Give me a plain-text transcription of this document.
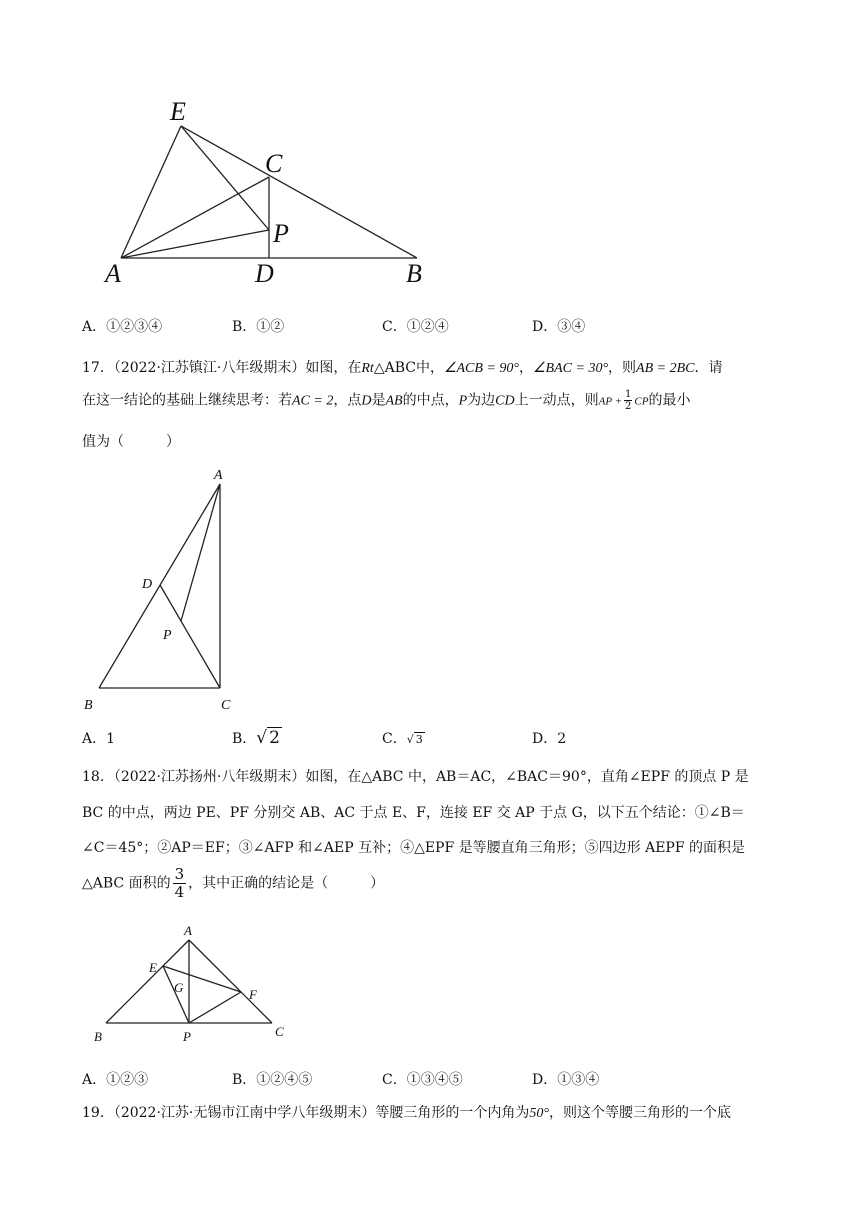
E
C
P
A	D	B
A．①②③④	B．①②	C．①②④	D．③④
17．（2022·江苏镇江·八年级期末）如图，在Rt△ABC中，∠ACB = 90°，∠BAC = 30°，则AB = 2BC．请
在这一结论的基础上继续思考：若AC = 2，点D是AB的中点，P为边CD上一动点，则AP + $\frac{1}{2}$ CP的最小
值为（　　　）
A
D
P
B	C
A．1	B．√ 2	C．√ 3	D．2
18．（2022·江苏扬州·八年级期末）如图，在△ABC 中，AB＝AC，∠BAC＝90°，直角∠EPF 的顶点 P 是
BC 的中点，两边 PE、PF 分别交 AB、AC 于点 E、F，连接 EF 交 AP 于点 G，以下五个结论：①∠B＝
∠C＝45°；②AP＝EF；③∠AFP 和∠AEP 互补；④△EPF 是等腰直角三角形；⑤四边形 AEPF 的面积是
△ABC 面积的 $\frac{3}{4}$ ，其中正确的结论是（　　　）
A
E
G	F
B	P	C
A．①②③	B．①②④⑤	C．①③④⑤	D．①③④
19．（2022·江苏·无锡市江南中学八年级期末）等腰三角形的一个内角为50°，则这个等腰三角形的一个底
